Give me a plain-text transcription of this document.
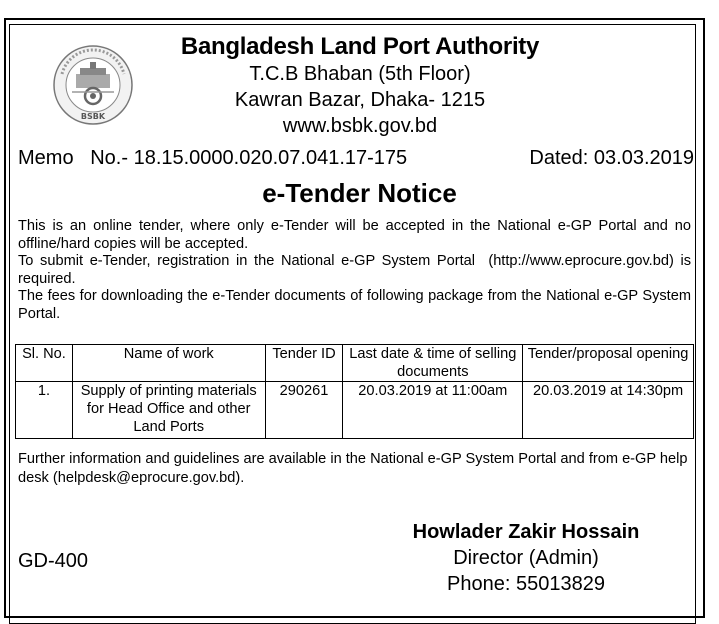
BSBK
Bangladesh Land Port Authority
T.C.B Bhaban (5th Floor)
Kawran Bazar, Dhaka- 1215
www.bsbk.gov.bd
Memo   No.- 18.15.0000.020.07.041.17-175	Dated: 03.03.2019
e-Tender Notice

This is an online tender, where only e-Tender will be accepted in the National e-GP Portal and no offline/hard copies will be accepted.

To submit e-Tender, registration in the National e-GP System Portal  (http://www.eprocure.gov.bd) is required.

The fees for downloading the e-Tender documents of following package from the National e-GP System Portal.

Sl. No.	Name of work	Tender ID	Last date & time of selling documents	Tender/proposal opening
1.	Supply of printing materials for Head Office and other Land Ports	290261	20.03.2019 at 11:00am	20.03.2019 at 14:30pm
Further information and guidelines are available in the National e-GP System Portal and from e-GP help desk (helpdesk@eprocure.gov.bd).
Howlader Zakir Hossain
Director (Admin)
Phone: 55013829
GD-400
